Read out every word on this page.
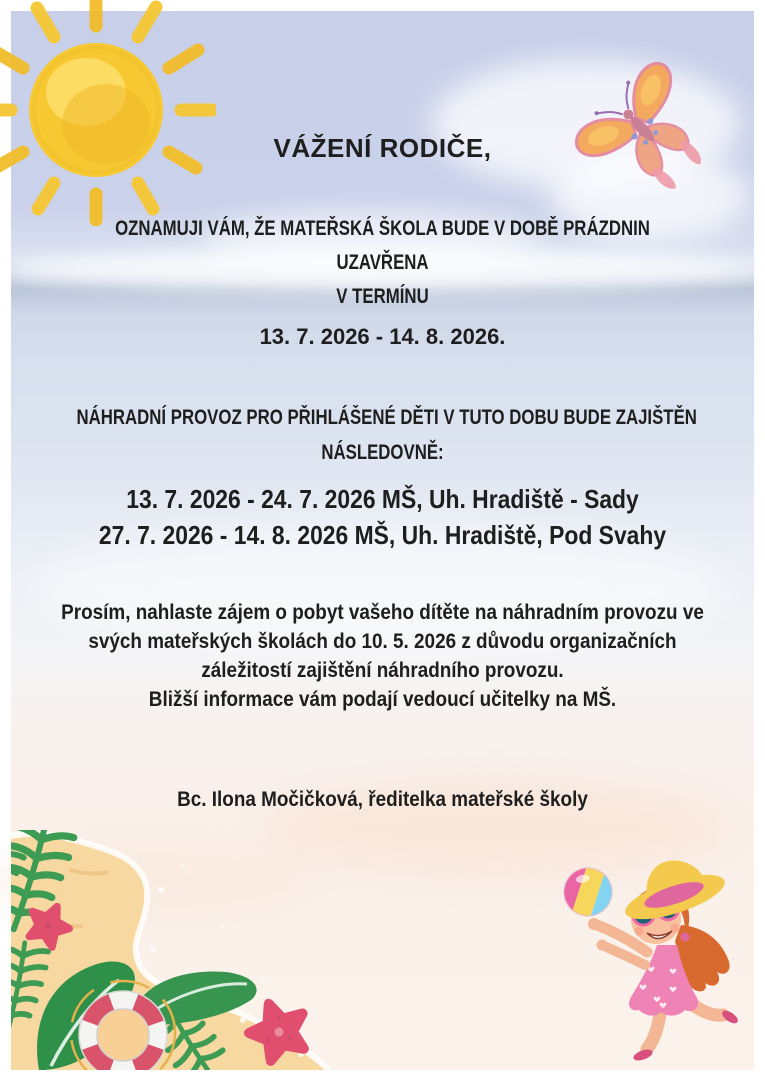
VÁŽENÍ RODIČE,
OZNAMUJI VÁM, ŽE MATEŘSKÁ ŠKOLA BUDE V DOBĚ PRÁZDNIN
UZAVŘENA
V TERMÍNU
13. 7. 2026 - 14. 8. 2026.
NÁHRADNÍ PROVOZ PRO PŘIHLÁŠENÉ DĚTI V TUTO DOBU BUDE ZAJIŠTĚN
NÁSLEDOVNĚ:
13. 7. 2026 - 24. 7. 2026 MŠ, Uh. Hradiště - Sady
27. 7. 2026 - 14. 8. 2026 MŠ, Uh. Hradiště, Pod Svahy
Prosím, nahlaste zájem o pobyt vašeho dítěte na náhradním provozu ve
svých mateřských školách do 10. 5. 2026 z důvodu organizačních
záležitostí zajištění náhradního provozu.
Bližší informace vám podají vedoucí učitelky na MŠ.
Bc. Ilona Močičková, ředitelka mateřské školy
